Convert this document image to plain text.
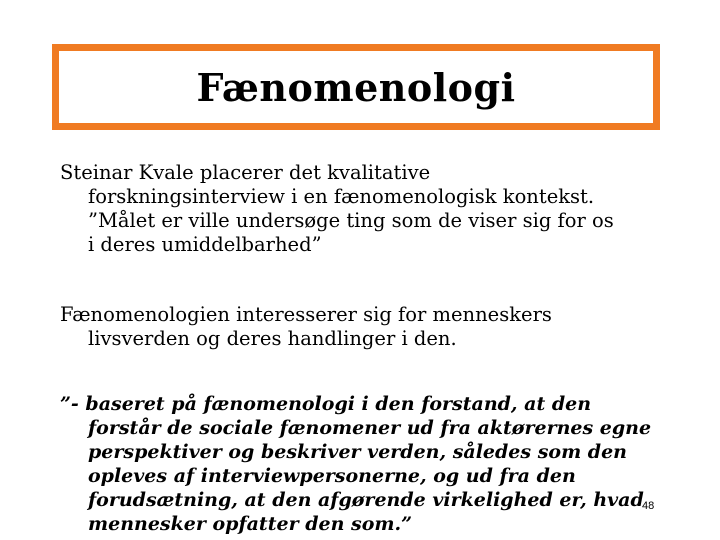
Fænomenologi
Steinar Kvale placerer det kvalitative
forskningsinterview i en fænomenologisk kontekst.
”Målet er ville undersøge ting som de viser sig for os
i deres umiddelbarhed”
Fænomenologien interesserer sig for menneskers
livsverden og deres handlinger i den.
”- baseret på fænomenologi i den forstand, at den
forstår de sociale fænomener ud fra aktørernes egne
perspektiver og beskriver verden, således som den
opleves af interviewpersonerne, og ud fra den
forudsætning, at den afgørende virkelighed er, hvad
mennesker opfatter den som.”
48
